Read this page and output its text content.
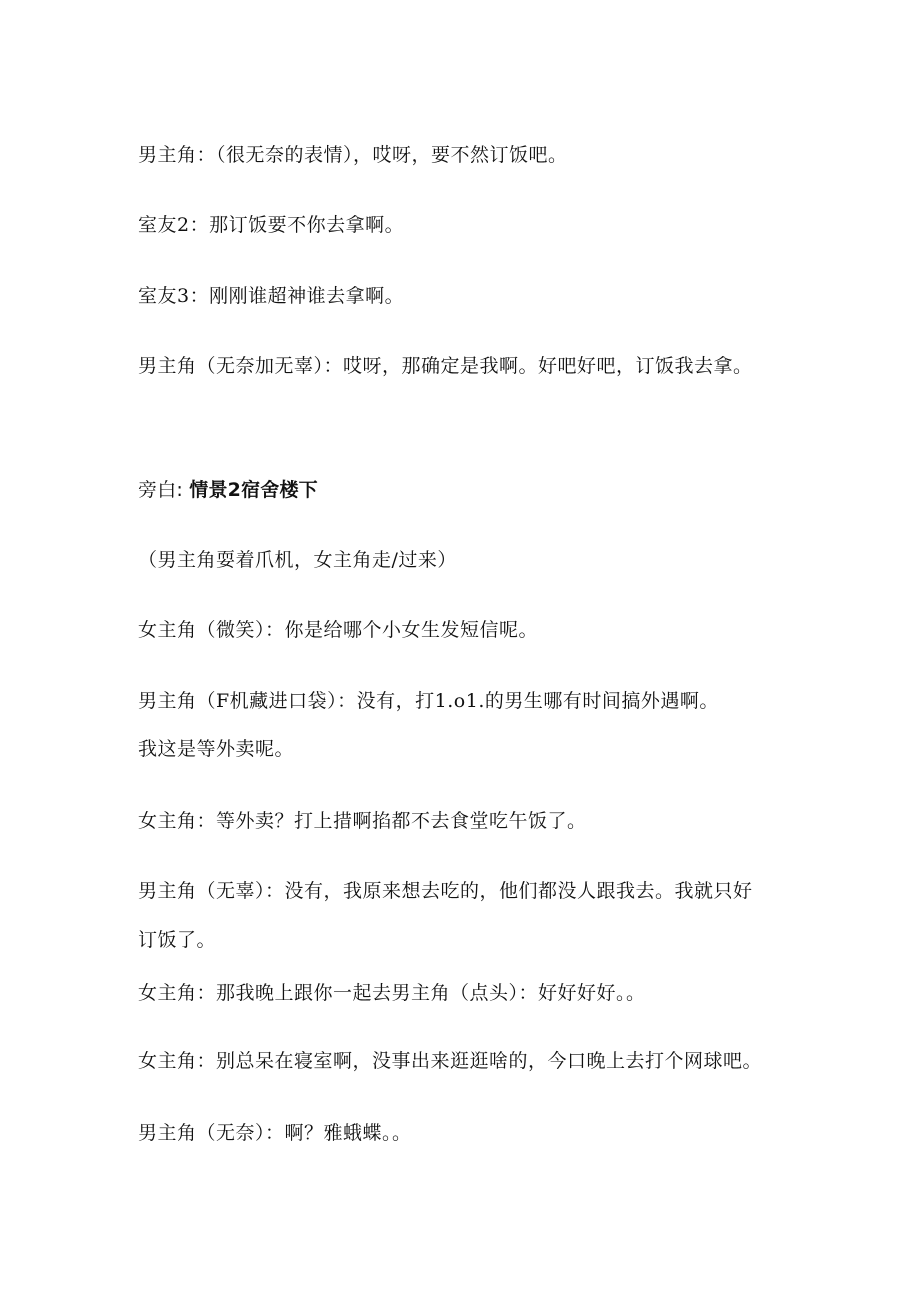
男主角：（很无奈的表情），哎呀，要不然订饭吧。
室友2：那订饭要不你去拿啊。
室友3：刚刚谁超神谁去拿啊。
男主角（无奈加无辜）：哎呀，那确定是我啊。好吧好吧，订饭我去拿。
旁白: 情景2宿舍楼下
（男主角耍着爪机，女主角走/过来）
女主角（微笑）：你是给哪个小女生发短信呢。
男主角（F机藏进口袋）：没有，打1.o1.的男生哪有时间搞外遇啊。
我这是等外卖呢。
女主角：等外卖？打上措啊掐都不去食堂吃午饭了。
男主角（无辜）：没有，我原来想去吃的，他们都没人跟我去。我就只好
订饭了。
女主角：那我晚上跟你一起去男主角（点头）：好好好好。。
女主角：别总呆在寝室啊，没事出来逛逛啥的，今口晚上去打个网球吧。
男主角（无奈）：啊？雅蛾蝶。。
